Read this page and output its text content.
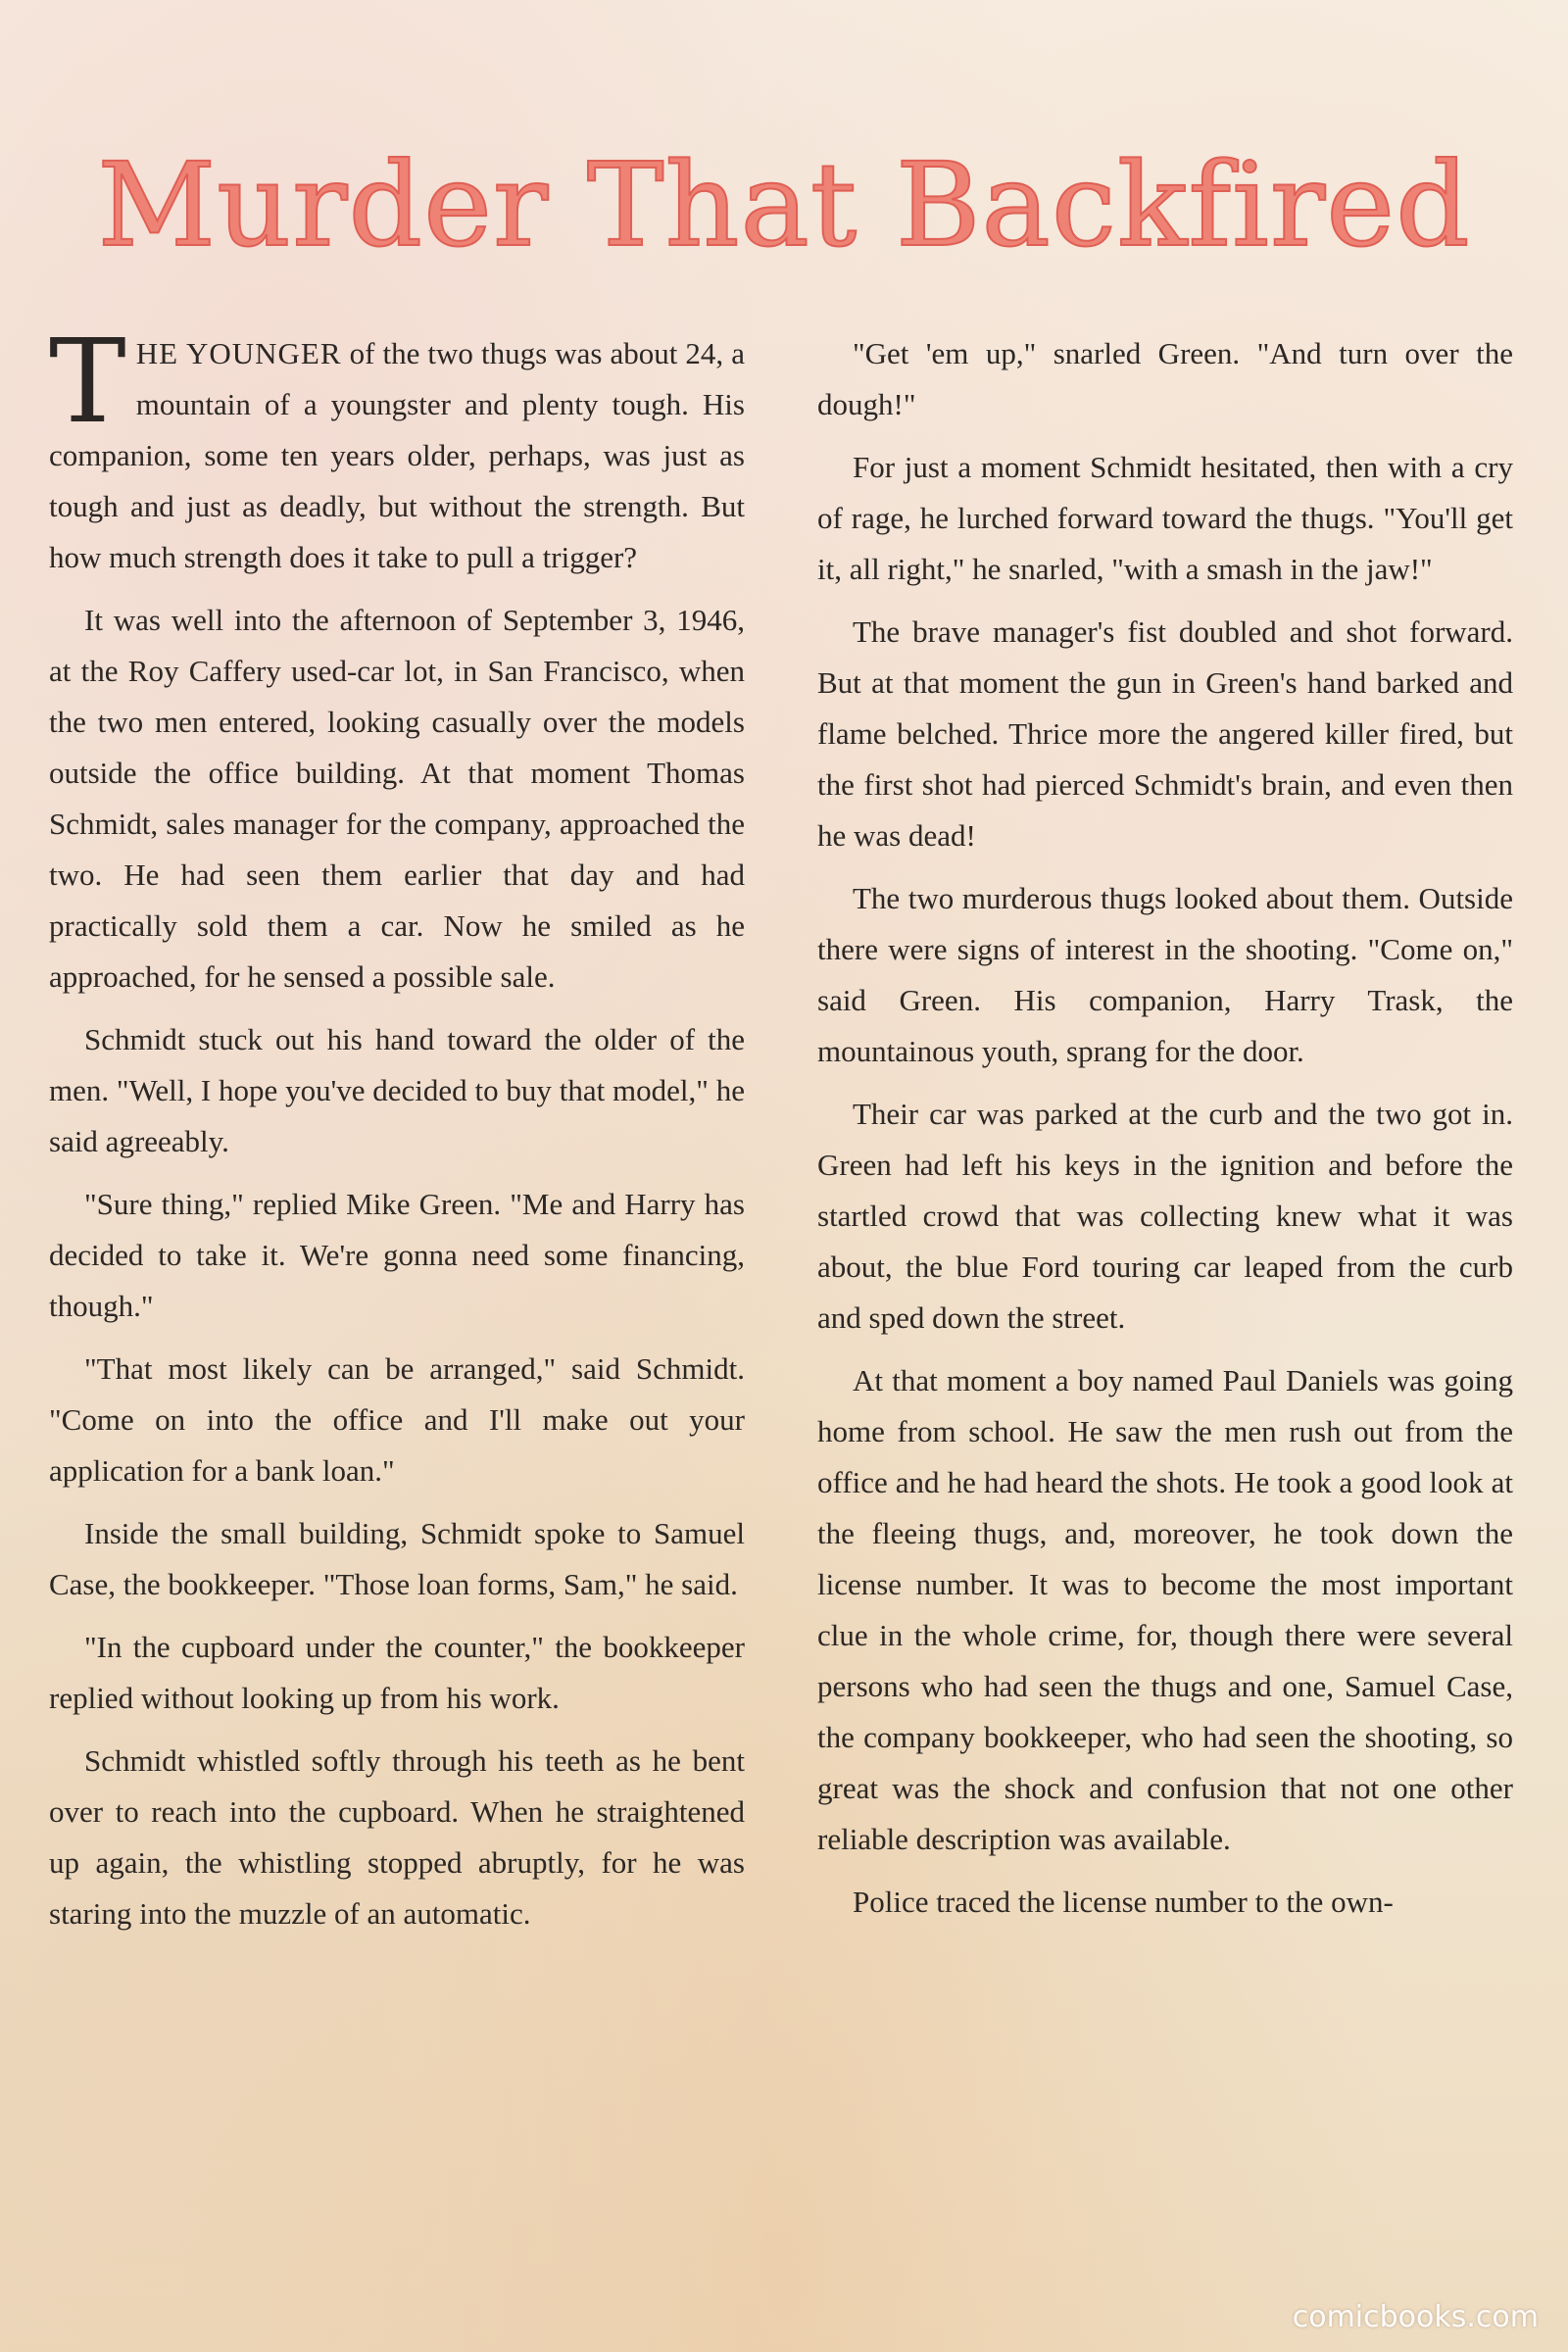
Murder That Backfired

THE YOUNGER of the two thugs was about 24, a mountain of a youngster and plenty tough. His companion, some ten years older, perhaps, was just as tough and just as deadly, but without the strength. But how much strength does it take to pull a trigger?

It was well into the afternoon of September 3, 1946, at the Roy Caffery used-car lot, in San Francisco, when the two men entered, looking casually over the models outside the office building. At that moment Thomas Schmidt, sales manager for the company, approached the two. He had seen them earlier that day and had practically sold them a car. Now he smiled as he approached, for he sensed a possible sale.

Schmidt stuck out his hand toward the older of the men. "Well, I hope you've decided to buy that model," he said agreeably.

"Sure thing," replied Mike Green. "Me and Harry has decided to take it. We're gonna need some financing, though."

"That most likely can be arranged," said Schmidt. "Come on into the office and I'll make out your application for a bank loan."

Inside the small building, Schmidt spoke to Samuel Case, the bookkeeper. "Those loan forms, Sam," he said.

"In the cupboard under the counter," the bookkeeper replied without looking up from his work.

Schmidt whistled softly through his teeth as he bent over to reach into the cupboard. When he straightened up again, the whistling stopped abruptly, for he was staring into the muzzle of an automatic.

"Get 'em up," snarled Green. "And turn over the dough!"

For just a moment Schmidt hesitated, then with a cry of rage, he lurched forward toward the thugs. "You'll get it, all right," he snarled, "with a smash in the jaw!"

The brave manager's fist doubled and shot forward. But at that moment the gun in Green's hand barked and flame belched. Thrice more the angered killer fired, but the first shot had pierced Schmidt's brain, and even then he was dead!

The two murderous thugs looked about them. Outside there were signs of interest in the shooting. "Come on," said Green. His companion, Harry Trask, the mountainous youth, sprang for the door.

Their car was parked at the curb and the two got in. Green had left his keys in the ignition and before the startled crowd that was collecting knew what it was about, the blue Ford touring car leaped from the curb and sped down the street.

At that moment a boy named Paul Daniels was going home from school. He saw the men rush out from the office and he had heard the shots. He took a good look at the fleeing thugs, and, moreover, he took down the license number. It was to become the most important clue in the whole crime, for, though there were several persons who had seen the thugs and one, Samuel Case, the company bookkeeper, who had seen the shooting, so great was the shock and confusion that not one other reliable description was available.

Police traced the license number to the own-

comicbooks.com
